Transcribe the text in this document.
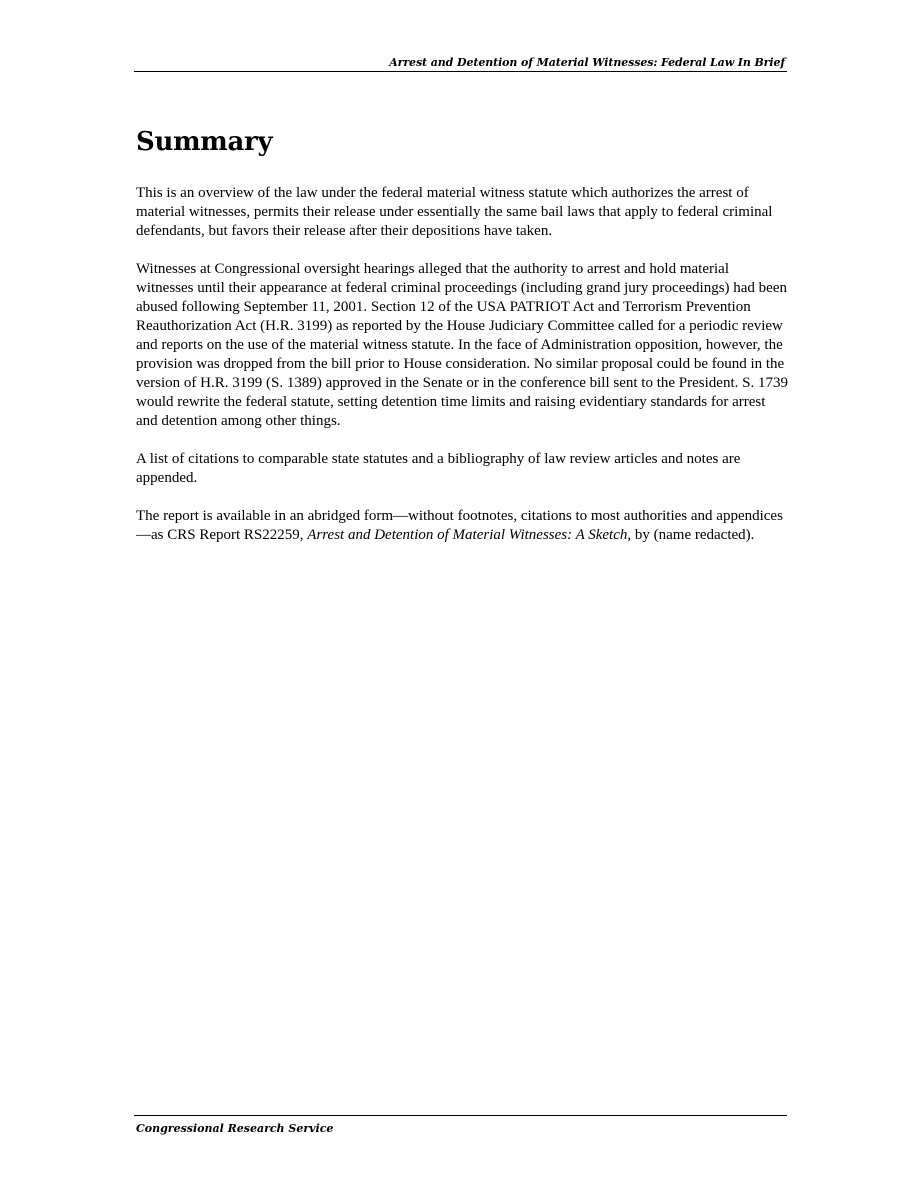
Arrest and Detention of Material Witnesses: Federal Law In Brief
Summary

This is an overview of the law under the federal material witness statute which authorizes the arrest of material witnesses, permits their release under essentially the same bail laws that apply to federal criminal defendants, but favors their release after their depositions have taken.

Witnesses at Congressional oversight hearings alleged that the authority to arrest and hold material witnesses until their appearance at federal criminal proceedings (including grand jury proceedings) had been abused following September 11, 2001. Section 12 of the USA PATRIOT Act and Terrorism Prevention Reauthorization Act (H.R. 3199) as reported by the House Judiciary Committee called for a periodic review and reports on the use of the material witness statute. In the face of Administration opposition, however, the provision was dropped from the bill prior to House consideration. No similar proposal could be found in the version of H.R. 3199 (S. 1389) approved in the Senate or in the conference bill sent to the President. S. 1739 would rewrite the federal statute, setting detention time limits and raising evidentiary standards for arrest and detention among other things.

A list of citations to comparable state statutes and a bibliography of law review articles and notes are appended.

The report is available in an abridged form—without footnotes, citations to most authorities and appendices—as CRS Report RS22259, Arrest and Detention of Material Witnesses: A Sketch, by (name redacted).

Congressional Research Service
